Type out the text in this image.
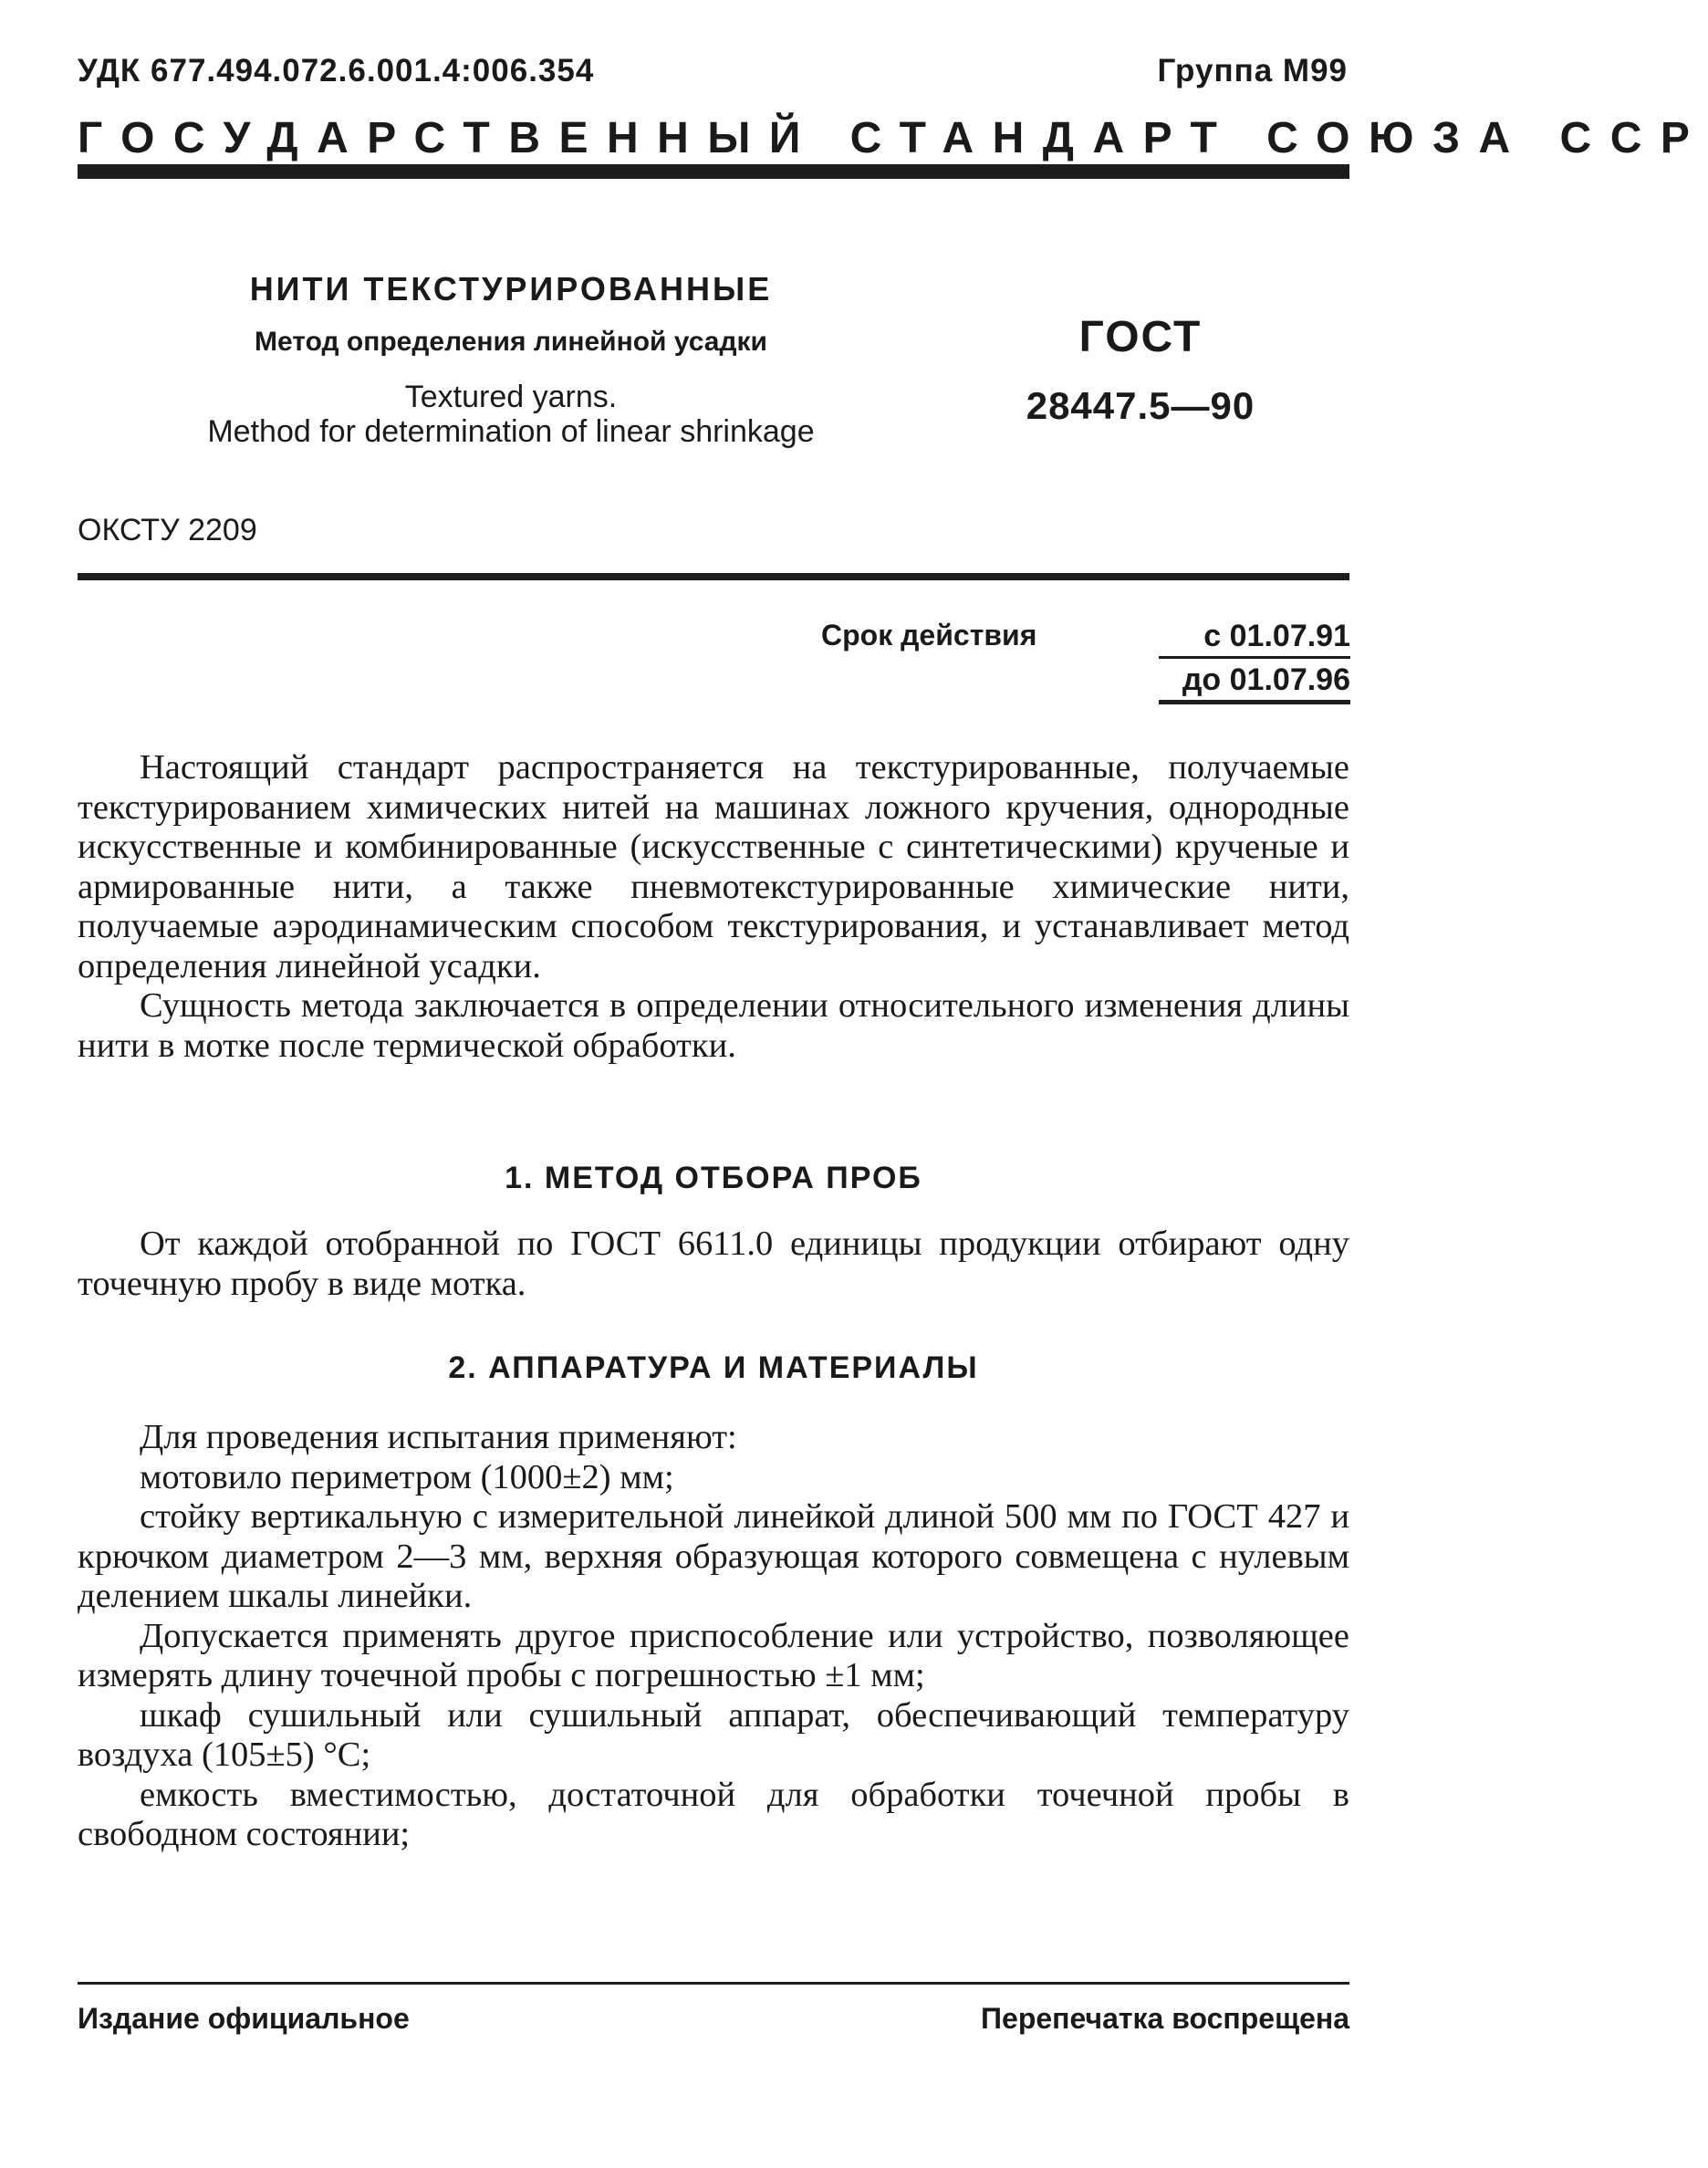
УДК 677.494.072.6.001.4:006.354	Группа М99
ГОСУДАРСТВЕННЫЙ СТАНДАРТ СОЮЗА ССР
НИТИ ТЕКСТУРИРОВАННЫЕ
Метод определения линейной усадки
Textured yarns.
Method for determination of linear shrinkage
ГОСТ
28447.5—90
ОКСТУ 2209
Срок действия	с 01.07.91
до 01.07.96

Настоящий стандарт распространяется на текстурированные, получаемые текстурированием химических нитей на машинах ложного кручения, однородные искусственные и комбинированные (искусственные с синтетическими) крученые и армированные нити, а также пневмотекстурированные химические нити, получаемые аэродинамическим способом текстурирования, и устанавливает метод определения линейной усадки.

Сущность метода заключается в определении относительного изменения длины нити в мотке после термической обработки.

1. МЕТОД ОТБОРА ПРОБ

От каждой отобранной по ГОСТ 6611.0 единицы продукции отбирают одну точечную пробу в виде мотка.

2. АППАРАТУРА И МАТЕРИАЛЫ

Для проведения испытания применяют:

мотовило периметром (1000±2) мм;

стойку вертикальную с измерительной линейкой длиной 500 мм по ГОСТ 427 и крючком диаметром 2—3 мм, верхняя образующая которого совмещена с нулевым делением шкалы линейки.

Допускается применять другое приспособление или устройство, позволяющее измерять длину точечной пробы с погрешностью ±1 мм;

шкаф сушильный или сушильный аппарат, обеспечивающий температуру воздуха (105±5) °С;

емкость вместимостью, достаточной для обработки точечной пробы в свободном состоянии;

Издание официальное	Перепечатка воспрещена
